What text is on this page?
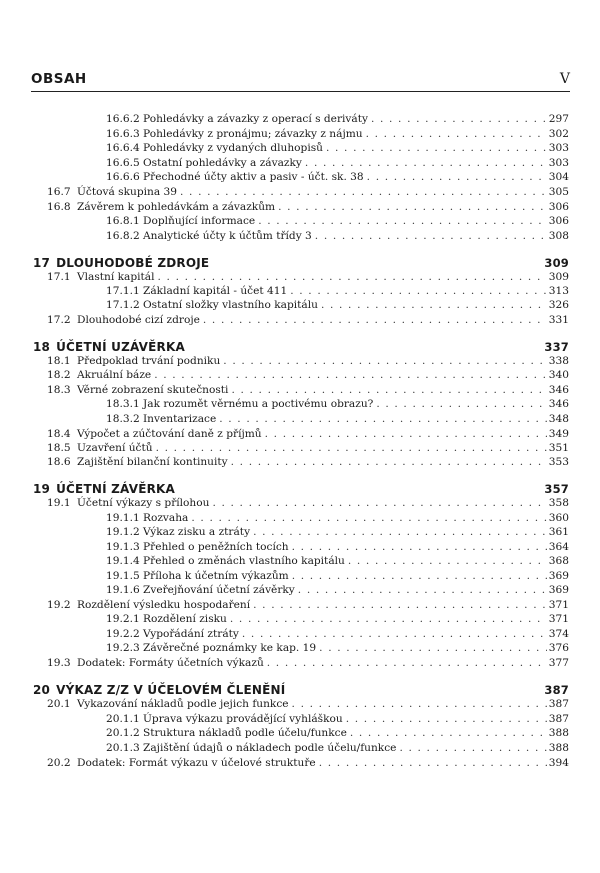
OBSAH	V
16.6.2 Pohledávky a závazky z operací s deriváty . . .	297
16.6.3 Pohledávky z pronájmu; závazky z nájmu . . .	302
16.6.4 Pohledávky z vydaných dluhopisů . . .	303
16.6.5 Ostatní pohledávky a závazky . . .	303
16.6.6 Přechodné účty aktiv a pasiv - účt. sk. 38 . . .	304
16.7 Účtová skupina 39 . . .	305
16.8 Závěrem k pohledávkám a závazkům . . .	306
16.8.1 Doplňující informace . . .	306
16.8.2 Analytické účty k účtům třídy 3 . . .	308
17 DLOUHODOBÉ ZDROJE	309
17.1 Vlastní kapitál . . .	309
17.1.1 Základní kapitál - účet 411 . . .	313
17.1.2 Ostatní složky vlastního kapitálu . . .	326
17.2 Dlouhodobé cizí zdroje . . .	331
18 ÚČETNÍ UZÁVĚRKA	337
18.1 Předpoklad trvání podniku . . .	338
18.2 Akruální báze . . .	340
18.3 Věrné zobrazení skutečnosti . . .	346
18.3.1 Jak rozumět věrnému a poctivému obrazu? . . .	346
18.3.2 Inventarizace . . .	348
18.4 Výpočet a zúčtování daně z příjmů . . .	349
18.5 Uzavření účtů . . .	351
18.6 Zajištění bilanční kontinuity . . .	353
19 ÚČETNÍ ZÁVĚRKA	357
19.1 Účetní výkazy s přílohou . . .	358
19.1.1 Rozvaha . . .	360
19.1.2 Výkaz zisku a ztráty . . .	361
19.1.3 Přehled o peněžních tocích . . .	364
19.1.4 Přehled o změnách vlastního kapitálu . . .	368
19.1.5 Příloha k účetním výkazům . . .	369
19.1.6 Zveřejňování účetní závěrky . . .	369
19.2 Rozdělení výsledku hospodaření . . .	371
19.2.1 Rozdělení zisku . . .	371
19.2.2 Vypořádání ztráty . . .	374
19.2.3 Závěrečné poznámky ke kap. 19 . . .	376
19.3 Dodatek: Formáty účetních výkazů . . .	377
20 VÝKAZ Z/Z V ÚČELOVÉM ČLENĚNÍ	387
20.1 Vykazování nákladů podle jejich funkce . . .	387
20.1.1 Úprava výkazu provádějící vyhláškou . . .	387
20.1.2 Struktura nákladů podle účelu/funkce . . .	388
20.1.3 Zajištění údajů o nákladech podle účelu/funkce . . .	388
20.2 Dodatek: Formát výkazu v účelové struktuře . . .	394
